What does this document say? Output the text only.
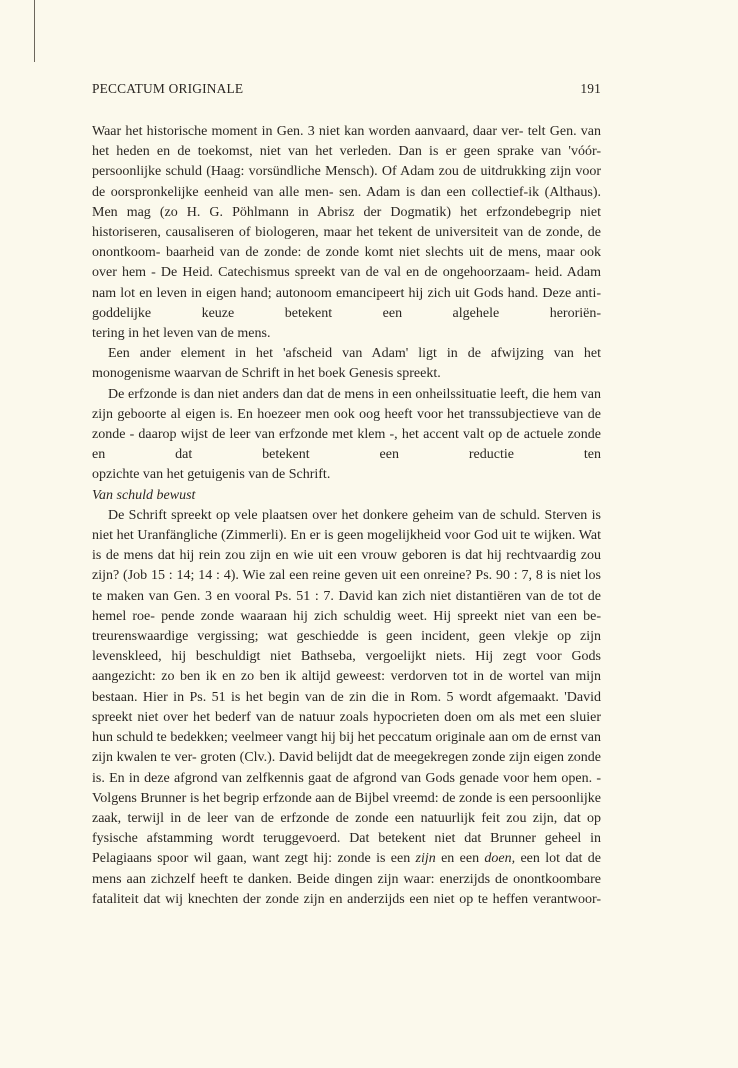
PECCATUM ORIGINALE	191

Waar het historische moment in Gen. 3 niet kan worden aanvaard, daar ver- telt Gen. van het heden en de toekomst, niet van het verleden. Dan is er geen sprake van 'vóór-persoonlijke schuld (Haag: vorsündliche Mensch). Of Adam zou de uitdrukking zijn voor de oorspronkelijke eenheid van alle men- sen. Adam is dan een collectief-ik (Althaus). Men mag (zo H. G. Pöhlmann in Abrisz der Dogmatik) het erfzondebegrip niet historiseren, causaliseren of biologeren, maar het tekent de universiteit van de zonde, de onontkoom- baarheid van de zonde: de zonde komt niet slechts uit de mens, maar ook over hem - De Heid. Catechismus spreekt van de val en de ongehoorzaam- heid. Adam nam lot en leven in eigen hand; autonoom emancipeert hij zich uit Gods hand. Deze anti-goddelijke keuze betekent een algehele heroriën-

tering in het leven van de mens.

Een ander element in het 'afscheid van Adam' ligt in de afwijzing van het

monogenisme waarvan de Schrift in het boek Genesis spreekt.

De erfzonde is dan niet anders dan dat de mens in een onheilssituatie leeft, die hem van zijn geboorte al eigen is. En hoezeer men ook oog heeft voor het transsubjectieve van de zonde - daarop wijst de leer van erfzonde met klem -, het accent valt op de actuele zonde en dat betekent een reductie ten

opzichte van het getuigenis van de Schrift.

Van schuld bewust

De Schrift spreekt op vele plaatsen over het donkere geheim van de schuld. Sterven is niet het Uranfängliche (Zimmerli). En er is geen mogelijkheid voor God uit te wijken. Wat is de mens dat hij rein zou zijn en wie uit een vrouw geboren is dat hij rechtvaardig zou zijn? (Job 15 : 14; 14 : 4). Wie zal een reine geven uit een onreine? Ps. 90 : 7, 8 is niet los te maken van Gen. 3 en vooral Ps. 51 : 7. David kan zich niet distantiëren van de tot de hemel roe- pende zonde waaraan hij zich schuldig weet. Hij spreekt niet van een be- treurenswaardige vergissing; wat geschiedde is geen incident, geen vlekje op zijn levenskleed, hij beschuldigt niet Bathseba, vergoelijkt niets. Hij zegt voor Gods aangezicht: zo ben ik en zo ben ik altijd geweest: verdorven tot in de wortel van mijn bestaan. Hier in Ps. 51 is het begin van de zin die in Rom. 5 wordt afgemaakt. 'David spreekt niet over het bederf van de natuur zoals hypocrieten doen om als met een sluier hun schuld te bedekken; veelmeer vangt hij bij het peccatum originale aan om de ernst van zijn kwalen te ver- groten (Clv.). David belijdt dat de meegekregen zonde zijn eigen zonde is. En in deze afgrond van zelfkennis gaat de afgrond van Gods genade voor hem open. - Volgens Brunner is het begrip erfzonde aan de Bijbel vreemd: de zonde is een persoonlijke zaak, terwijl in de leer van de erfzonde de zonde een natuurlijk feit zou zijn, dat op fysische afstamming wordt teruggevoerd. Dat betekent niet dat Brunner geheel in Pelagiaans spoor wil gaan, want zegt hij: zonde is een zijn en een doen, een lot dat de mens aan zichzelf heeft te danken. Beide dingen zijn waar: enerzijds de onontkoombare fataliteit dat wij knechten der zonde zijn en anderzijds een niet op te heffen verantwoor-
